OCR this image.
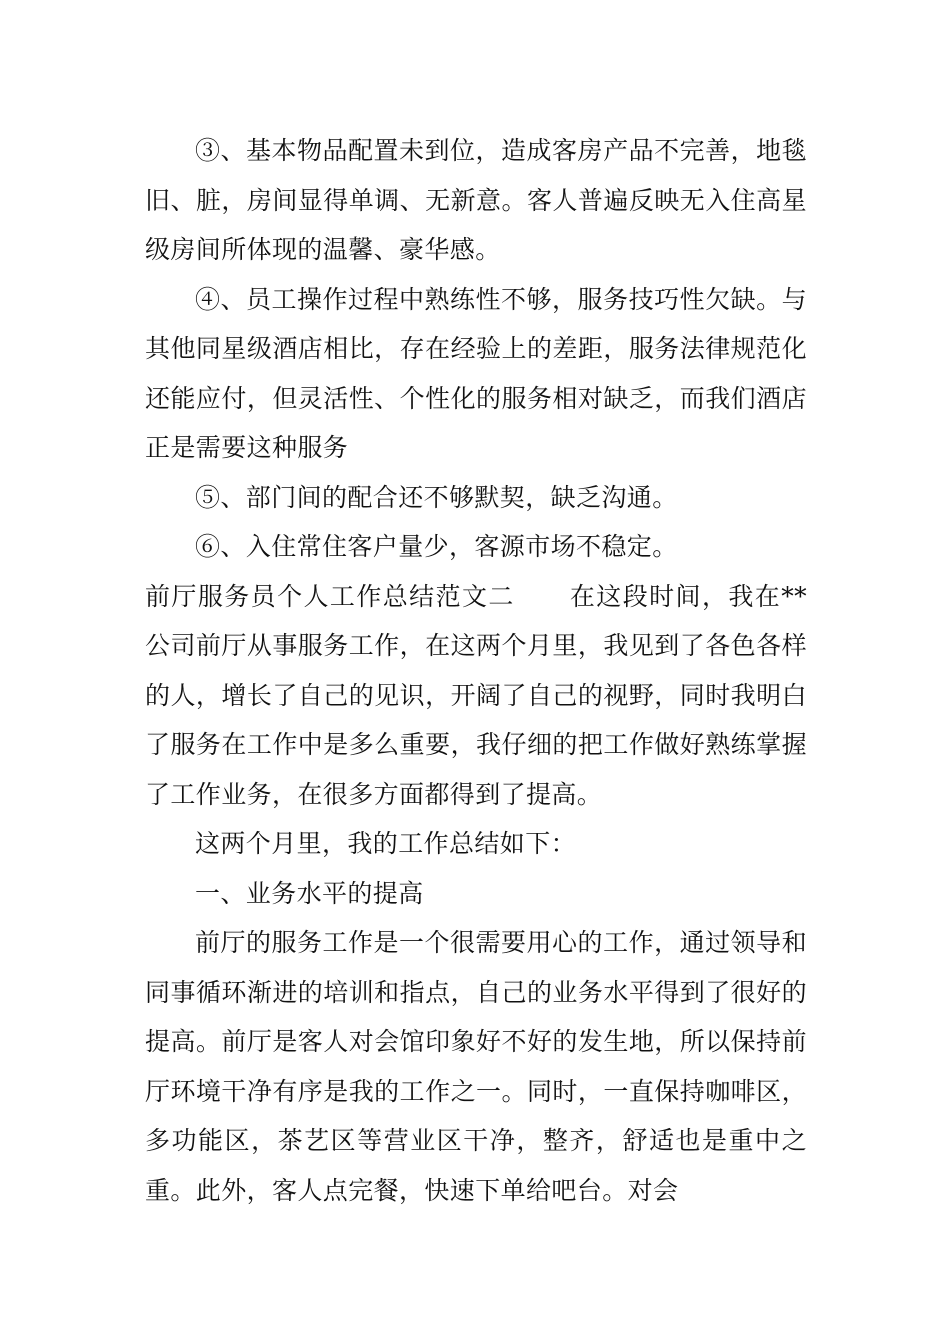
③、基本物品配置未到位，造成客房产品不完善，地毯旧、脏，房间显得单调、无新意。客人普遍反映无入住高星级房间所体现的温馨、豪华感。

④、员工操作过程中熟练性不够，服务技巧性欠缺。与其他同星级酒店相比，存在经验上的差距，服务法律规范化还能应付，但灵活性、个性化的服务相对缺乏，而我们酒店正是需要这种服务

⑤、部门间的配合还不够默契，缺乏沟通。

⑥、入住常住客户量少，客源市场不稳定。

前厅服务员个人工作总结范文二 在这段时间，我在**公司前厅从事服务工作，在这两个月里，我见到了各色各样的人，增长了自己的见识，开阔了自己的视野，同时我明白了服务在工作中是多么重要，我仔细的把工作做好熟练掌握了工作业务，在很多方面都得到了提高。

这两个月里，我的工作总结如下：

一、业务水平的提高

前厅的服务工作是一个很需要用心的工作，通过领导和同事循环渐进的培训和指点，自己的业务水平得到了很好的提高。前厅是客人对会馆印象好不好的发生地，所以保持前厅环境干净有序是我的工作之一。同时，一直保持咖啡区，多功能区，茶艺区等营业区干净，整齐，舒适也是重中之重。此外，客人点完餐，快速下单给吧台。对会
